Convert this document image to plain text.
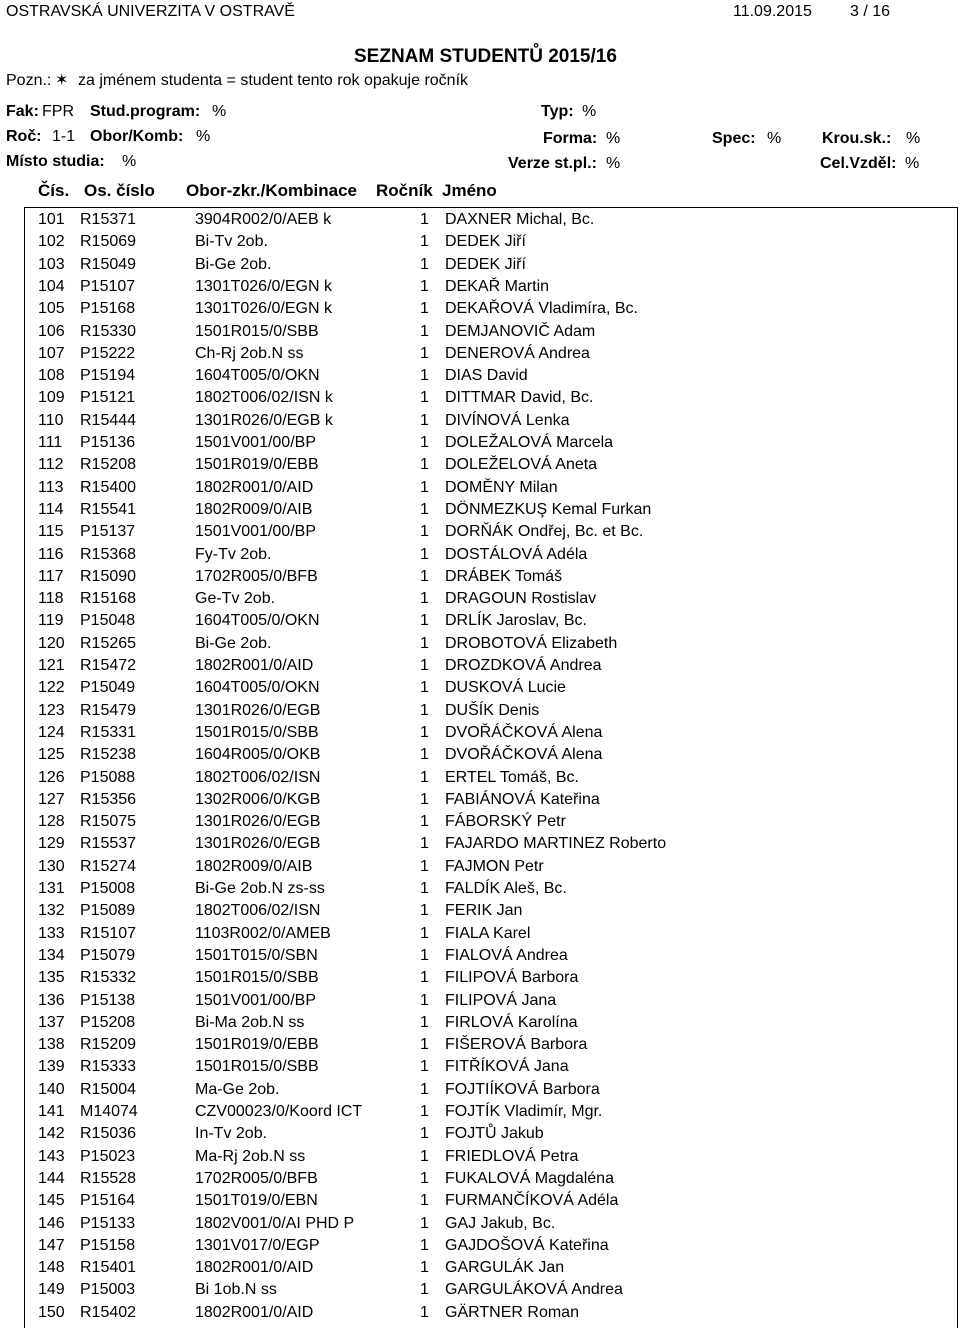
OSTRAVSKÁ UNIVERZITA V OSTRAVĚ	11.09.2015 3 / 16
SEZNAM STUDENTŮ 2015/16
Pozn.: ✶ za jménem studenta = student tento rok opakuje ročník
Fak: FPR Stud.program: %	Typ: %
Roč: 1-1 Obor/Komb: %	Forma: %	Spec: %	Krou.sk.: %
Místo studia: %	Verze st.pl.: %	Cel.Vzděl: %
Čís. Os. číslo Obor-zkr./Kombinace Ročník Jméno
101 R15371	3904R002/0/AEB k	1 DAXNER Michal, Bc.
102 R15069	Bi-Tv 2ob.	1 DEDEK Jiří
103 R15049	Bi-Ge 2ob.	1 DEDEK Jiří
104 P15107	1301T026/0/EGN k	1 DEKAŘ Martin
105 P15168	1301T026/0/EGN k	1 DEKAŘOVÁ Vladimíra, Bc.
106 R15330	1501R015/0/SBB	1 DEMJANOVIČ Adam
107 P15222	Ch-Rj 2ob.N ss	1 DENEROVÁ Andrea
108 P15194	1604T005/0/OKN	1 DIAS David
109 P15121	1802T006/02/ISN k	1 DITTMAR David, Bc.
110 R15444	1301R026/0/EGB k	1 DIVÍNOVÁ Lenka
111 P15136	1501V001/00/BP	1 DOLEŽALOVÁ Marcela
112 R15208	1501R019/0/EBB	1 DOLEŽELOVÁ Aneta
113 R15400	1802R001/0/AID	1 DOMĚNY Milan
114 R15541	1802R009/0/AIB	1 DÖNMEZKUŞ Kemal Furkan
115 P15137	1501V001/00/BP	1 DORŇÁK Ondřej, Bc. et Bc.
116 R15368	Fy-Tv 2ob.	1 DOSTÁLOVÁ Adéla
117 R15090	1702R005/0/BFB	1 DRÁBEK Tomáš
118 R15168	Ge-Tv 2ob.	1 DRAGOUN Rostislav
119 P15048	1604T005/0/OKN	1 DRLÍK Jaroslav, Bc.
120 R15265	Bi-Ge 2ob.	1 DROBOTOVÁ Elizabeth
121 R15472	1802R001/0/AID	1 DROZDKOVÁ Andrea
122 P15049	1604T005/0/OKN	1 DUSKOVÁ Lucie
123 R15479	1301R026/0/EGB	1 DUŠÍK Denis
124 R15331	1501R015/0/SBB	1 DVOŘÁČKOVÁ Alena
125 R15238	1604R005/0/OKB	1 DVOŘÁČKOVÁ Alena
126 P15088	1802T006/02/ISN	1 ERTEL Tomáš, Bc.
127 R15356	1302R006/0/KGB	1 FABIÁNOVÁ Kateřina
128 R15075	1301R026/0/EGB	1 FÁBORSKÝ Petr
129 R15537	1301R026/0/EGB	1 FAJARDO MARTINEZ Roberto
130 R15274	1802R009/0/AIB	1 FAJMON Petr
131 P15008	Bi-Ge 2ob.N zs-ss	1 FALDÍK Aleš, Bc.
132 P15089	1802T006/02/ISN	1 FERIK Jan
133 R15107	1103R002/0/AMEB	1 FIALA Karel
134 P15079	1501T015/0/SBN	1 FIALOVÁ Andrea
135 R15332	1501R015/0/SBB	1 FILIPOVÁ Barbora
136 P15138	1501V001/00/BP	1 FILIPOVÁ Jana
137 P15208	Bi-Ma 2ob.N ss	1 FIRLOVÁ Karolína
138 R15209	1501R019/0/EBB	1 FIŠEROVÁ Barbora
139 R15333	1501R015/0/SBB	1 FITŘÍKOVÁ Jana
140 R15004	Ma-Ge 2ob.	1 FOJTIÍKOVÁ Barbora
141 M14074	CZV00023/0/Koord ICT	1 FOJTÍK Vladimír, Mgr.
142 R15036	In-Tv 2ob.	1 FOJTŮ Jakub
143 P15023	Ma-Rj 2ob.N ss	1 FRIEDLOVÁ Petra
144 R15528	1702R005/0/BFB	1 FUKALOVÁ Magdaléna
145 P15164	1501T019/0/EBN	1 FURMANČÍKOVÁ Adéla
146 P15133	1802V001/0/AI PHD P	1 GAJ Jakub, Bc.
147 P15158	1301V017/0/EGP	1 GAJDOŠOVÁ Kateřina
148 R15401	1802R001/0/AID	1 GARGULÁK Jan
149 P15003	Bi 1ob.N ss	1 GARGULÁKOVÁ Andrea
150 R15402	1802R001/0/AID	1 GÄRTNER Roman
